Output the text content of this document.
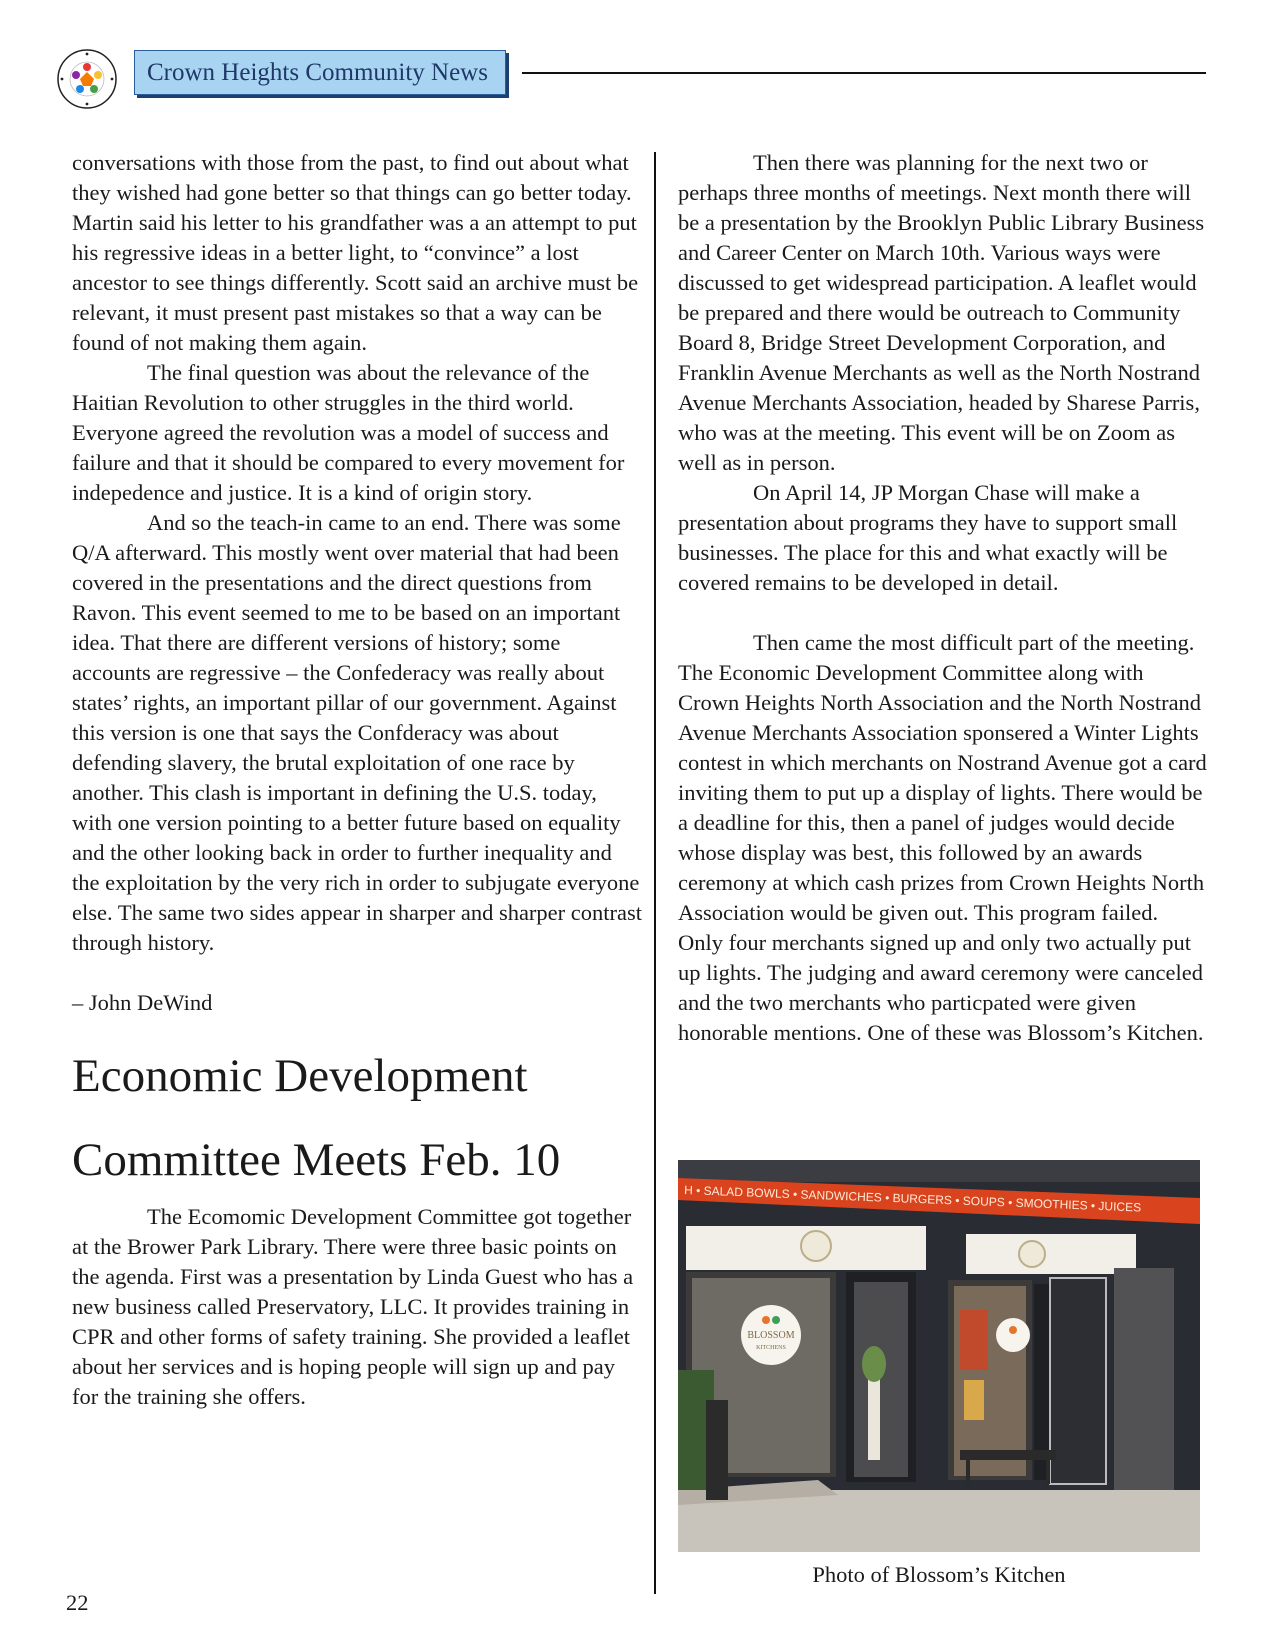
Crown Heights Community News

conversations with those from the past, to find out about what they wished had gone better so that things can go better today. Martin said his letter to his grandfather was a an attempt to put his regressive ideas in a better light, to “convince” a lost ancestor to see things differently. Scott said an archive must be relevant, it must present past mistakes so that a way can be found of not making them again.

The final question was about the relevance of the Haitian Revolution to other struggles in the third world. Everyone agreed the revolution was a model of success and failure and that it should be compared to every movement for indepedence and justice. It is a kind of origin story.

And so the teach-in came to an end. There was some Q/A afterward. This mostly went over material that had been covered in the presentations and the direct questions from Ravon. This event seemed to me to be based on an important idea. That there are different versions of history; some accounts are regressive – the Confederacy was really about states’ rights, an important pillar of our government. Against this version is one that says the Confderacy was about defending slavery, the brutal exploitation of one race by another. This clash is important in defining the U.S. today, with one version pointing to a better future based on equality and the other looking back in order to further inequality and the exploitation by the very rich in order to subjugate everyone else. The same two sides appear in sharper and sharper contrast through history.

– John DeWind

Economic Development Committee Meets Feb. 10

The Ecomomic Development Committee got together at the Brower Park Library. There were three basic points on the agenda. First was a presentation by Linda Guest who has a new business called Preservatory, LLC. It provides training in CPR and other forms of safety training. She provided a leaflet about her services and is hoping people will sign up and pay for the training she offers.

Then there was planning for the next two or perhaps three months of meetings. Next month there will be a presentation by the Brooklyn Public Library Business and Career Center on March 10th. Various ways were discussed to get widespread participation. A leaflet would be prepared and there would be outreach to Community Board 8, Bridge Street Development Corporation, and Franklin Avenue Merchants as well as the North Nostrand Avenue Merchants Association, headed by Sharese Parris, who was at the meeting. This event will be on Zoom as well as in person.

On April 14, JP Morgan Chase will make a presentation about programs they have to support small businesses. The place for this and what exactly will be covered remains to be developed in detail.

Then came the most difficult part of the meeting. The Economic Development Committee along with Crown Heights North Association and the North Nostrand Avenue Merchants Association sponsered a Winter Lights contest in which merchants on Nostrand Avenue got a card inviting them to put up a display of lights. There would be a deadline for this, then a panel of judges would decide whose display was best, this followed by an awards ceremony at which cash prizes from Crown Heights North Association would be given out. This program failed. Only four merchants signed up and only two actually put up lights. The judging and award ceremony were canceled and the two merchants who particpated were given honorable mentions. One of these was Blossom’s Kitchen.

H • SALAD BOWLS • SANDWICHES • BURGERS • SOUPS • SMOOTHIES • JUICES
BLOSSOM
KITCHENS
Photo of Blossom’s Kitchen
22
